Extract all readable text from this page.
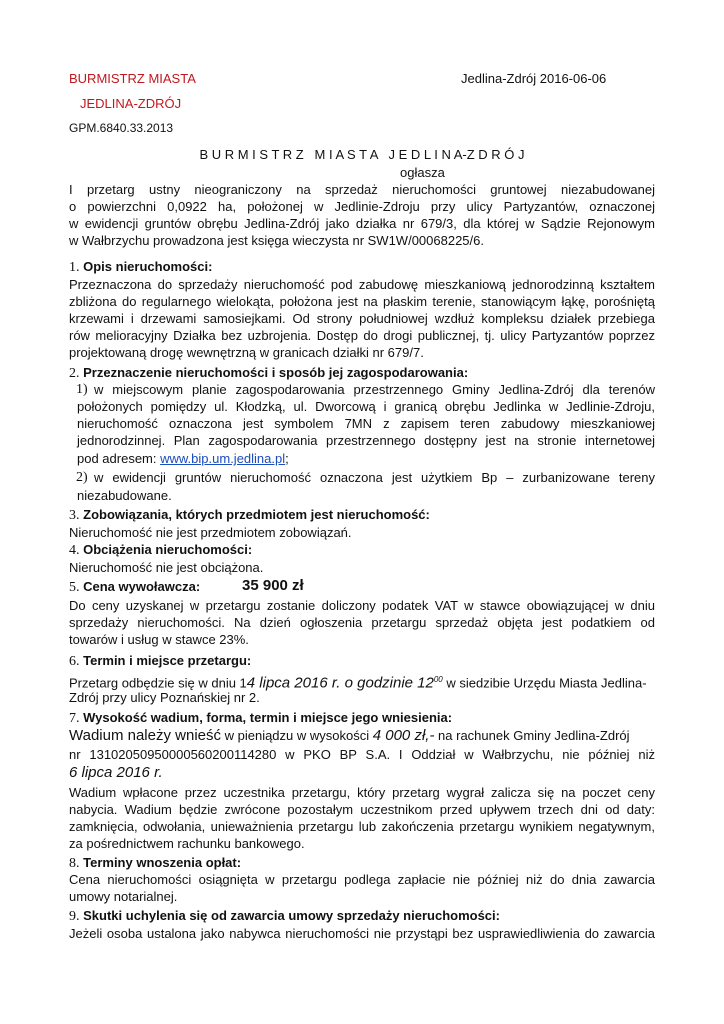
BURMISTRZ MIASTA
JEDLINA-ZDRÓJ
Jedlina-Zdrój 2016-06-06
GPM.6840.33.2013
B U R M I S T R Z   M I A S T A   J E D L I N A-Z D R Ó J
ogłasza
I przetarg ustny nieograniczony na sprzedaż nieruchomości gruntowej niezabudowanej
o powierzchni 0,0922 ha, położonej w Jedlinie-Zdroju przy ulicy Partyzantów, oznaczonej
w ewidencji gruntów obrębu Jedlina-Zdrój jako działka nr 679/3, dla której w Sądzie Rejonowym
w Wałbrzychu prowadzona jest księga wieczysta nr SW1W/00068225/6.
1. Opis nieruchomości:
Przeznaczona do sprzedaży nieruchomość pod zabudowę mieszkaniową jednorodzinną kształtem
zbliżona do regularnego wielokąta, położona jest na płaskim terenie, stanowiącym łąkę, porośniętą
krzewami i drzewami samosiejkami. Od strony południowej wzdłuż kompleksu działek przebiega
rów melioracyjny Działka bez uzbrojenia. Dostęp do drogi publicznej, tj. ulicy Partyzantów poprzez
projektowaną drogę wewnętrzną w granicach działki nr 679/7.
2. Przeznaczenie nieruchomości i sposób jej zagospodarowania:
1) w miejscowym planie zagospodarowania przestrzennego Gminy Jedlina-Zdrój dla terenów
położonych pomiędzy ul. Kłodzką, ul. Dworcową i granicą obrębu Jedlinka w Jedlinie-Zdroju,
nieruchomość oznaczona jest symbolem 7MN z zapisem teren zabudowy mieszkaniowej
jednorodzinnej. Plan zagospodarowania przestrzennego dostępny jest na stronie internetowej
pod adresem: www.bip.um.jedlina.pl;
2) w ewidencji gruntów nieruchomość oznaczona jest użytkiem Bp – zurbanizowane tereny
niezabudowane.
3. Zobowiązania, których przedmiotem jest nieruchomość:
Nieruchomość nie jest przedmiotem zobowiązań.
4. Obciążenia nieruchomości:
Nieruchomość nie jest obciążona.
5. Cena wywoławcza:	35 900 zł
Do ceny uzyskanej w przetargu zostanie doliczony podatek VAT w stawce obowiązującej w dniu
sprzedaży nieruchomości. Na dzień ogłoszenia przetargu sprzedaż objęta jest podatkiem od
towarów i usług w stawce 23%.
6. Termin i miejsce przetargu:
Przetarg odbędzie się w dniu 14 lipca 2016 r. o godzinie $12^{00}$ w siedzibie Urzędu Miasta Jedlina-
Zdrój przy ulicy Poznańskiej nr 2.
7. Wysokość wadium, forma, termin i miejsce jego wniesienia:
Wadium należy wnieść w pieniądzu w wysokości 4 000 zł,- na rachunek Gminy Jedlina-Zdrój
nr 13102050950000560200114280 w PKO BP S.A. I Oddział w Wałbrzychu, nie później niż
6 lipca 2016 r.
Wadium wpłacone przez uczestnika przetargu, który przetarg wygrał zalicza się na poczet ceny
nabycia. Wadium będzie zwrócone pozostałym uczestnikom przed upływem trzech dni od daty:
zamknięcia, odwołania, unieważnienia przetargu lub zakończenia przetargu wynikiem negatywnym,
za pośrednictwem rachunku bankowego.
8. Terminy wnoszenia opłat:
Cena nieruchomości osiągnięta w przetargu podlega zapłacie nie później niż do dnia zawarcia
umowy notarialnej.
9. Skutki uchylenia się od zawarcia umowy sprzedaży nieruchomości:
Jeżeli osoba ustalona jako nabywca nieruchomości nie przystąpi bez usprawiedliwienia do zawarcia
